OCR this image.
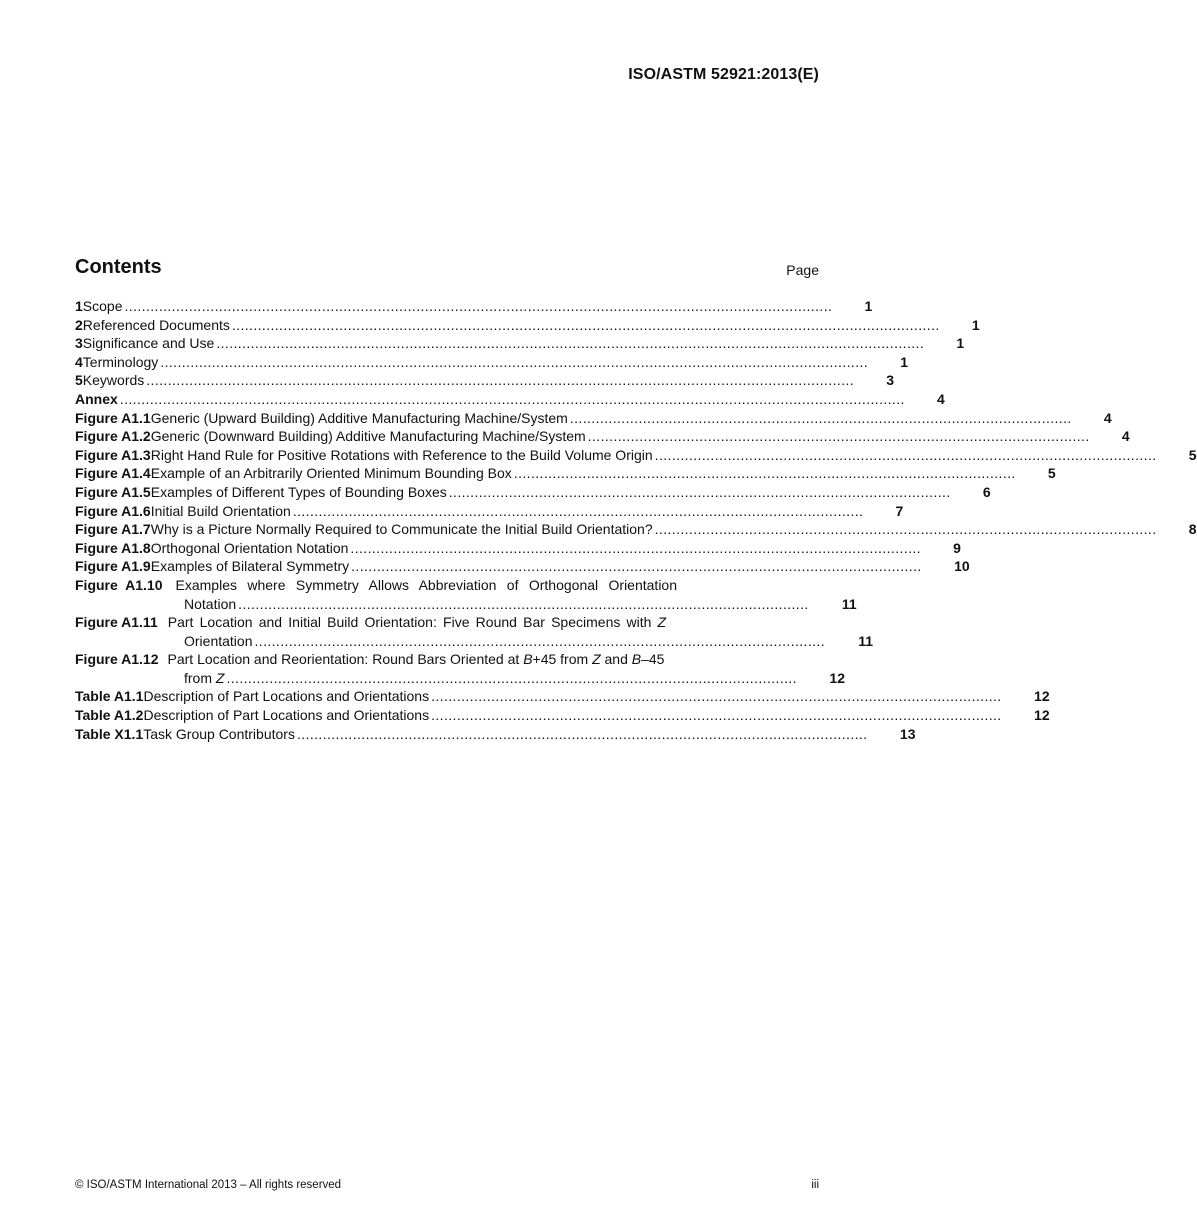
ISO/ASTM 52921:2013(E)
Contents	Page
1 Scope .....................................................................................................................................................................	1
2 Referenced Documents .....................................................................................................................................................................	1
3 Significance and Use .....................................................................................................................................................................	1
4 Terminology .....................................................................................................................................................................	1
5 Keywords .....................................................................................................................................................................	3
Annex .......................................................................................................................................................................................	4
Figure A1.1 Generic (Upward Building) Additive Manufacturing Machine/System .....................................................................................................................	4
Figure A1.2 Generic (Downward Building) Additive Manufacturing Machine/System .....................................................................................................................	4
Figure A1.3 Right Hand Rule for Positive Rotations with Reference to the Build Volume Origin .....................................................................................................................	5
Figure A1.4 Example of an Arbitrarily Oriented Minimum Bounding Box .....................................................................................................................	5
Figure A1.5 Examples of Different Types of Bounding Boxes .....................................................................................................................	6
Figure A1.6 Initial Build Orientation .....................................................................................................................................	7
Figure A1.7 Why is a Picture Normally Required to Communicate the Initial Build Orientation? .....................................................................................................................	8
Figure A1.8 Orthogonal Orientation Notation .....................................................................................................................................	9
Figure A1.9 Examples of Bilateral Symmetry .....................................................................................................................................	10
Figure A1.10 Examples where Symmetry Allows Abbreviation of Orthogonal Orientation
Notation .....................................................................................................................................	11
Figure A1.11 Part Location and Initial Build Orientation: Five Round Bar Specimens with Z
Orientation .....................................................................................................................................	11
Figure A1.12 Part Location and Reorientation: Round Bars Oriented at B +45 from Z and B –45
from Z .....................................................................................................................................	12
Table A1.1 Description of Part Locations and Orientations .....................................................................................................................................	12
Table A1.2 Description of Part Locations and Orientations .....................................................................................................................................	12
Table X1.1 Task Group Contributors .....................................................................................................................................	13
© ISO/ASTM International 2013 – All rights reserved	iii
